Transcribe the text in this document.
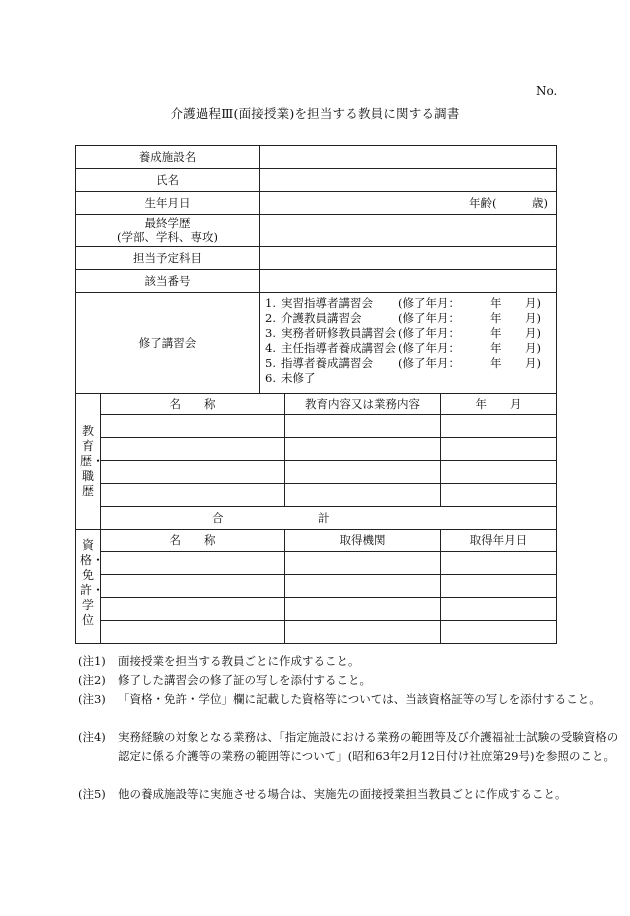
No.
介護過程Ⅲ(面接授業)を担当する教員に関する調書
養成施設名
氏名
生年月日	年齢(	歳)
最終学歴
(学部、学科、専攻)
担当予定科目
該当番号
修了講習会
1. 実習指導者講習会 (修了年月：	年 月)
2. 介護教員講習会	(修了年月：	年 月)
3. 実務者研修教員講習会 (修了年月：	年 月)
4. 主任指導者養成講習会 (修了年月：	年 月)
5. 指導者養成講習会 (修了年月：	年 月)
6. 未修了
教育歴・職歴
名　　称	教育内容又は業務内容	年　　月
合	計
資格・免許・学位
名　　称	取得機関	取得年月日
(注1) 面接授業を担当する教員ごとに作成すること。
(注2) 修了した講習会の修了証の写しを添付すること。
(注3) 「資格・免許・学位」欄に記載した資格等については、当該資格証等の写しを添付すること。
(注4) 実務経験の対象となる業務は、「指定施設における業務の範囲等及び介護福祉士試験の受験資格の認定に係る介護等の業務の範囲等について」(昭和63年2月12日付け社庶第29号)を参照のこと。
(注5) 他の養成施設等に実施させる場合は、実施先の面接授業担当教員ごとに作成すること。
